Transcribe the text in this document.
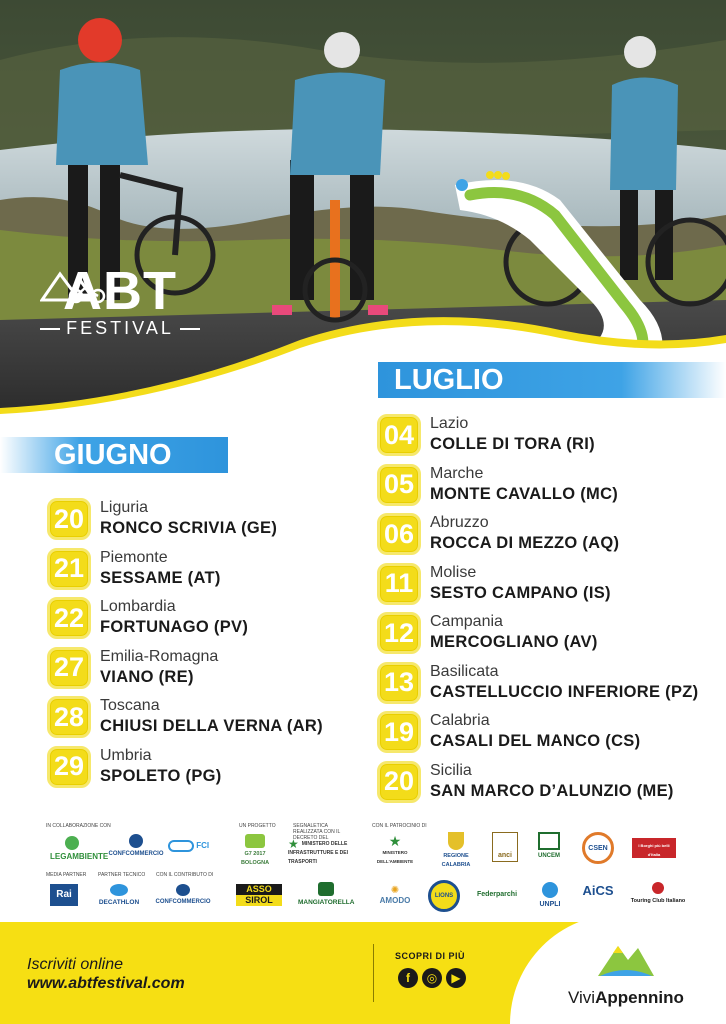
ABT
FESTIVAL
LUGLIO
GIUGNO
20 Liguria
RONCO SCRIVIA (GE)
21 Piemonte
SESSAME (AT)
22 Lombardia
FORTUNAGO (PV)
27 Emilia-Romagna
VIANO (RE)
28 Toscana
CHIUSI DELLA VERNA (AR)
29 Umbria
SPOLETO (PG)
04 Lazio
COLLE DI TORA (RI)
05 Marche
MONTE CAVALLO (MC)
06 Abruzzo
ROCCA DI MEZZO (AQ)
11	Molise
SESTO CAMPANO (IS)
12 Campania
MERCOGLIANO (AV)
13 Basilicata
CASTELLUCCIO INFERIORE (PZ)
19 Calabria
CASALI DEL MANCO (CS)
20 Sicilia
SAN MARCO D’ALUNZIO (ME)
IN COLLABORAZIONE CON	UN PROGETTO	SEGNALETICA REALIZZATA CON IL DECRETO DEL
CON IL PATROCINIO DI
LEGAMBIENTE CONFCOMMERCIO
FCI
G7 2017 BOLOGNA
★ MINISTERO DELLE INFRASTRUTTURE E DEI TRASPORTI
★
MINISTERO DELL'AMBIENTE
REGIONE CALABRIA
anci	UNCEM
CSEN	I Borghi più belli d'Italia
MEDIA PARTNER PARTNER TECNICO CON IL CONTRIBUTO DI
Rai
DECATHLON	CONFCOMMERCIO
ASSO
SIROL	MANGIATORELLA
✺
AMODO	LIONS	Federparchi
UNPLI
AiCS
Touring Club Italiano
Iscriviti online
www.abtfestival.com
SCOPRI DI PIÙ
f	◎	▶
ViviAppennino
